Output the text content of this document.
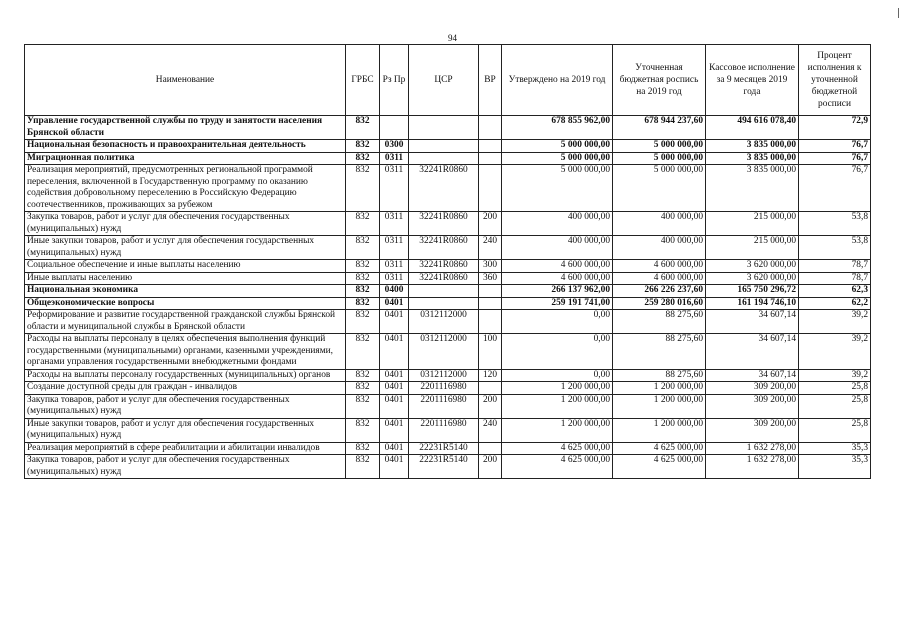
94
Наименование	ГРБС	Рз Пр	ЦСР	ВР	Утверждено на 2019 год	Уточненная бюджетная роспись на 2019 год	Кассовое исполнение за 9 месяцев 2019 года	Процент исполнения к уточненной бюджетной росписи
Управление государственной службы по труду и занятости населения Брянской области	832				678 855 962,00	678 944 237,60	494 616 078,40	72,9
Национальная безопасность и правоохранительная деятельность	832	0300			5 000 000,00	5 000 000,00	3 835 000,00	76,7
Миграционная политика	832	0311			5 000 000,00	5 000 000,00	3 835 000,00	76,7
Реализация мероприятий, предусмотренных региональной программой переселения, включенной в Государственную программу по оказанию содействия добровольному переселению в Российскую Федерацию соотечественников, проживающих за рубежом	832	0311	32241R0860		5 000 000,00	5 000 000,00	3 835 000,00	76,7
Закупка товаров, работ и услуг для обеспечения государственных (муниципальных) нужд	832	0311	32241R0860	200	400 000,00	400 000,00	215 000,00	53,8
Иные закупки товаров, работ и услуг для обеспечения государственных (муниципальных) нужд	832	0311	32241R0860	240	400 000,00	400 000,00	215 000,00	53,8
Социальное обеспечение и иные выплаты населению	832	0311	32241R0860	300	4 600 000,00	4 600 000,00	3 620 000,00	78,7
Иные выплаты населению	832	0311	32241R0860	360	4 600 000,00	4 600 000,00	3 620 000,00	78,7
Национальная экономика	832	0400			266 137 962,00	266 226 237,60	165 750 296,72	62,3
Общеэкономические вопросы	832	0401			259 191 741,00	259 280 016,60	161 194 746,10	62,2
Реформирование и развитие государственной гражданской службы Брянской области и муниципальной службы в Брянской области	832	0401	0312112000		0,00	88 275,60	34 607,14	39,2
Расходы на выплаты персоналу в целях обеспечения выполнения функций государственными (муниципальными) органами, казенными учреждениями, органами управления государственными внебюджетными фондами	832	0401	0312112000	100	0,00	88 275,60	34 607,14	39,2
Расходы на выплаты персоналу государственных (муниципальных) органов	832	0401	0312112000	120	0,00	88 275,60	34 607,14	39,2
Создание доступной среды для граждан - инвалидов	832	0401	2201116980		1 200 000,00	1 200 000,00	309 200,00	25,8
Закупка товаров, работ и услуг для обеспечения государственных (муниципальных) нужд	832	0401	2201116980	200	1 200 000,00	1 200 000,00	309 200,00	25,8
Иные закупки товаров, работ и услуг для обеспечения государственных (муниципальных) нужд	832	0401	2201116980	240	1 200 000,00	1 200 000,00	309 200,00	25,8
Реализация мероприятий в сфере реабилитации и абилитации инвалидов	832	0401	22231R5140		4 625 000,00	4 625 000,00	1 632 278,00	35,3
Закупка товаров, работ и услуг для обеспечения государственных (муниципальных) нужд	832	0401	22231R5140	200	4 625 000,00	4 625 000,00	1 632 278,00	35,3
